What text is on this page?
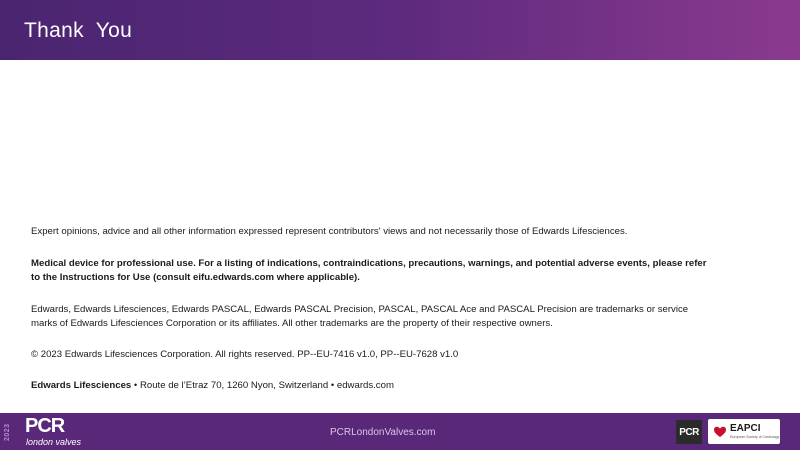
Thank  You
Expert opinions, advice and all other information expressed represent contributors' views and not necessarily those of Edwards Lifesciences.
Medical device for professional use. For a listing of indications, contraindications, precautions, warnings, and potential adverse events, please refer to the Instructions for Use (consult eifu.edwards.com where applicable).
Edwards, Edwards Lifesciences, Edwards PASCAL, Edwards PASCAL Precision, PASCAL, PASCAL Ace and PASCAL Precision are trademarks or service marks of Edwards Lifesciences Corporation or its affiliates. All other trademarks are the property of their respective owners.
© 2023 Edwards Lifesciences Corporation. All rights reserved. PP--EU-7416 v1.0, PP--EU-7628 v1.0
Edwards Lifesciences • Route de l’Etraz 70, 1260 Nyon, Switzerland • edwards.com
2023 PCR
london valves
PCRLondonValves.com	PCR	EAPCI
European Society of Cardiology
